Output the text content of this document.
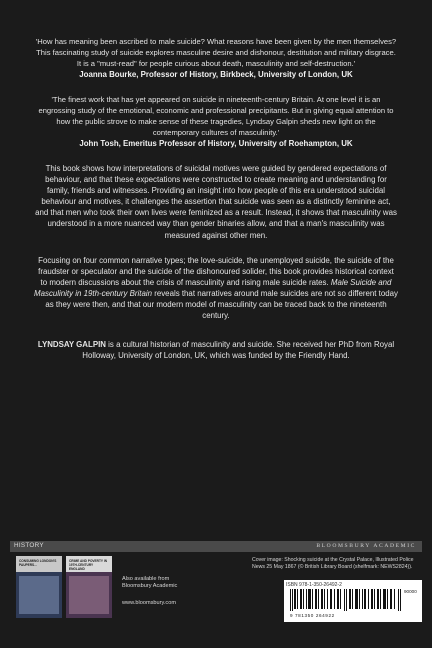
'How has meaning been ascribed to male suicide? What reasons have been given by the men themselves? This fascinating study of suicide explores masculine desire and dishonour, destitution and military disgrace. It is a "must-read" for people curious about death, masculinity and self-destruction.'

Joanna Bourke, Professor of History, Birkbeck, University of London, UK

'The finest work that has yet appeared on suicide in nineteenth-century Britain. At one level it is an engrossing study of the emotional, economic and professional precipitants. But in giving equal attention to how the public strove to make sense of these tragedies, Lyndsay Galpin sheds new light on the contemporary cultures of masculinity.'

John Tosh, Emeritus Professor of History, University of Roehampton, UK

This book shows how interpretations of suicidal motives were guided by gendered expectations of behaviour, and that these expectations were constructed to create meaning and understanding for family, friends and witnesses. Providing an insight into how people of this era understood suicidal behaviour and motives, it challenges the assertion that suicide was seen as a distinctly feminine act, and that men who took their own lives were feminized as a result. Instead, it shows that masculinity was understood in a more nuanced way than gender binaries allow, and that a man's masculinity was measured against other men.

Focusing on four common narrative types; the love-suicide, the unemployed suicide, the suicide of the fraudster or speculator and the suicide of the dishonoured solider, this book provides historical context to modern discussions about the crisis of masculinity and rising male suicide rates. Male Suicide and Masculinity in 19th-century Britain reveals that narratives around male suicides are not so different today as they were then, and that our modern model of masculinity can be traced back to the nineteenth century.

LYNDSAY GALPIN is a cultural historian of masculinity and suicide. She received her PhD from Royal Holloway, University of London, UK, which was funded by the Friendly Hand.

HISTORY	BLOOMSBURY ACADEMIC
CONSUMING LONDON'S PAUPERS...
CRIME AND POVERTY IN 19TH-CENTURY ENGLAND
Also available from Bloomsbury Academic
www.bloomsbury.com
Cover image: Shocking suicide at the Crystal Palace, Illustrated Police News 25 May 1867 (© British Library Board (shelfmark: NEWS2824)).
ISBN 978-1-350-26492-2
9 781350 264922
90000
